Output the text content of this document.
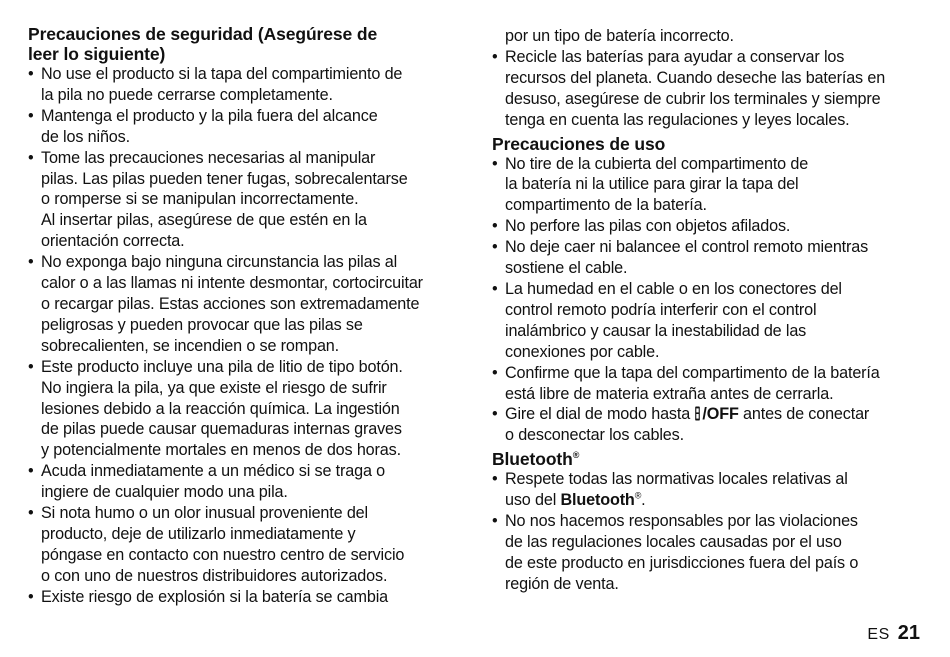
Precauciones de seguridad (Asegúrese de
leer lo siguiente)
• No use el producto si la tapa del compartimiento de
la pila no puede cerrarse completamente.
• Mantenga el producto y la pila fuera del alcance
de los niños.
• Tome las precauciones necesarias al manipular
pilas. Las pilas pueden tener fugas, sobrecalentarse
o romperse si se manipulan incorrectamente.
Al insertar pilas, asegúrese de que estén en la
orientación correcta.
• No exponga bajo ninguna circunstancia las pilas al
calor o a las llamas ni intente desmontar, cortocircuitar
o recargar pilas. Estas acciones son extremadamente
peligrosas y pueden provocar que las pilas se
sobrecalienten, se incendien o se rompan.
• Este producto incluye una pila de litio de tipo botón.
No ingiera la pila, ya que existe el riesgo de sufrir
lesiones debido a la reacción química. La ingestión
de pilas puede causar quemaduras internas graves
y potencialmente mortales en menos de dos horas.
• Acuda inmediatamente a un médico si se traga o
ingiere de cualquier modo una pila.
• Si nota humo o un olor inusual proveniente del
producto, deje de utilizarlo inmediatamente y
póngase en contacto con nuestro centro de servicio
o con uno de nuestros distribuidores autorizados.
• Existe riesgo de explosión si la batería se cambia
por un tipo de batería incorrecto.
• Recicle las baterías para ayudar a conservar los
recursos del planeta. Cuando deseche las baterías en
desuso, asegúrese de cubrir los terminales y siempre
tenga en cuenta las regulaciones y leyes locales.
Precauciones de uso
• No tire de la cubierta del compartimento de
la batería ni la utilice para girar la tapa del
compartimento de la batería.
• No perfore las pilas con objetos afilados.
• No deje caer ni balancee el control remoto mientras
sostiene el cable.
• La humedad en el cable o en los conectores del
control remoto podría interferir con el control
inalámbrico y causar la inestabilidad de las
conexiones por cable.
• Confirme que la tapa del compartimento de la batería
está libre de materia extraña antes de cerrarla.
• Gire el dial de modo hasta /OFF antes de conectar
o desconectar los cables.
Bluetooth®
• Respete todas las normativas locales relativas al
uso del Bluetooth®.
• No nos hacemos responsables por las violaciones
de las regulaciones locales causadas por el uso
de este producto en jurisdicciones fuera del país o
región de venta.
ES 21
